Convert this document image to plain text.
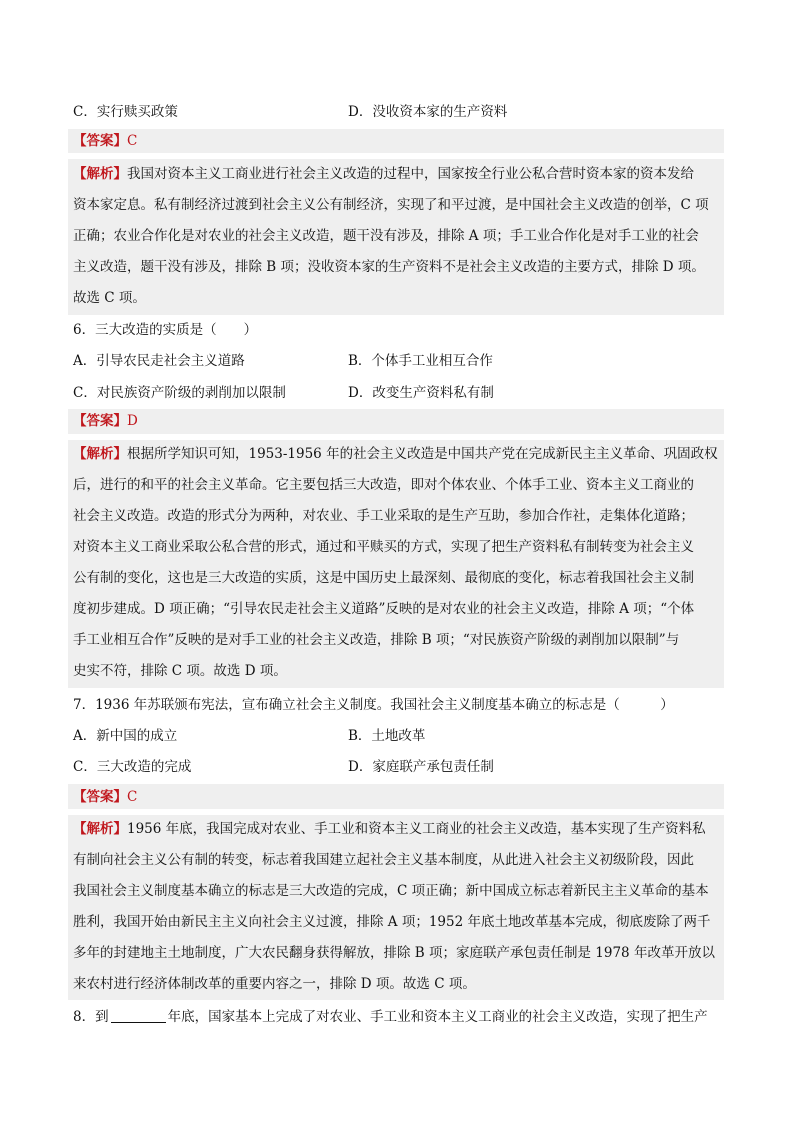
C．实行赎买政策	D．没收资本家的生产资料
【答案】C
【解析】我国对资本主义工商业进行社会主义改造的过程中，国家按全行业公私合营时资本家的资本发给
资本家定息。私有制经济过渡到社会主义公有制经济，实现了和平过渡，是中国社会主义改造的创举，C 项
正确；农业合作化是对农业的社会主义改造，题干没有涉及，排除 A 项；手工业合作化是对手工业的社会
主义改造，题干没有涉及，排除 B 项；没收资本家的生产资料不是社会主义改造的主要方式，排除 D 项。
故选 C 项。
6．三大改造的实质是（　　）
A．引导农民走社会主义道路	B．个体手工业相互合作
C．对民族资产阶级的剥削加以限制	D．改变生产资料私有制
【答案】D
【解析】根据所学知识可知，1953-1956 年的社会主义改造是中国共产党在完成新民主主义革命、巩固政权
后，进行的和平的社会主义革命。它主要包括三大改造，即对个体农业、个体手工业、资本主义工商业的
社会主义改造。改造的形式分为两种，对农业、手工业采取的是生产互助，参加合作社，走集体化道路；
对资本主义工商业采取公私合营的形式，通过和平赎买的方式，实现了把生产资料私有制转变为社会主义
公有制的变化，这也是三大改造的实质，这是中国历史上最深刻、最彻底的变化，标志着我国社会主义制
度初步建成。D 项正确；“引导农民走社会主义道路”反映的是对农业的社会主义改造，排除 A 项；“个体
手工业相互合作”反映的是对手工业的社会主义改造，排除 B 项；“对民族资产阶级的剥削加以限制”与
史实不符，排除 C 项。故选 D 项。
7．1936 年苏联颁布宪法，宣布确立社会主义制度。我国社会主义制度基本确立的标志是（　　　）
A．新中国的成立	B．土地改革
C．三大改造的完成	D．家庭联产承包责任制
【答案】C
【解析】1956 年底，我国完成对农业、手工业和资本主义工商业的社会主义改造，基本实现了生产资料私
有制向社会主义公有制的转变，标志着我国建立起社会主义基本制度，从此进入社会主义初级阶段，因此
我国社会主义制度基本确立的标志是三大改造的完成，C 项正确；新中国成立标志着新民主主义革命的基本
胜利，我国开始由新民主主义向社会主义过渡，排除 A 项；1952 年底土地改革基本完成，彻底废除了两千
多年的封建地主土地制度，广大农民翻身获得解放，排除 B 项；家庭联产承包责任制是 1978 年改革开放以
来农村进行经济体制改革的重要内容之一，排除 D 项。故选 C 项。
8．到	年底，国家基本上完成了对农业、手工业和资本主义工商业的社会主义改造，实现了把生产
